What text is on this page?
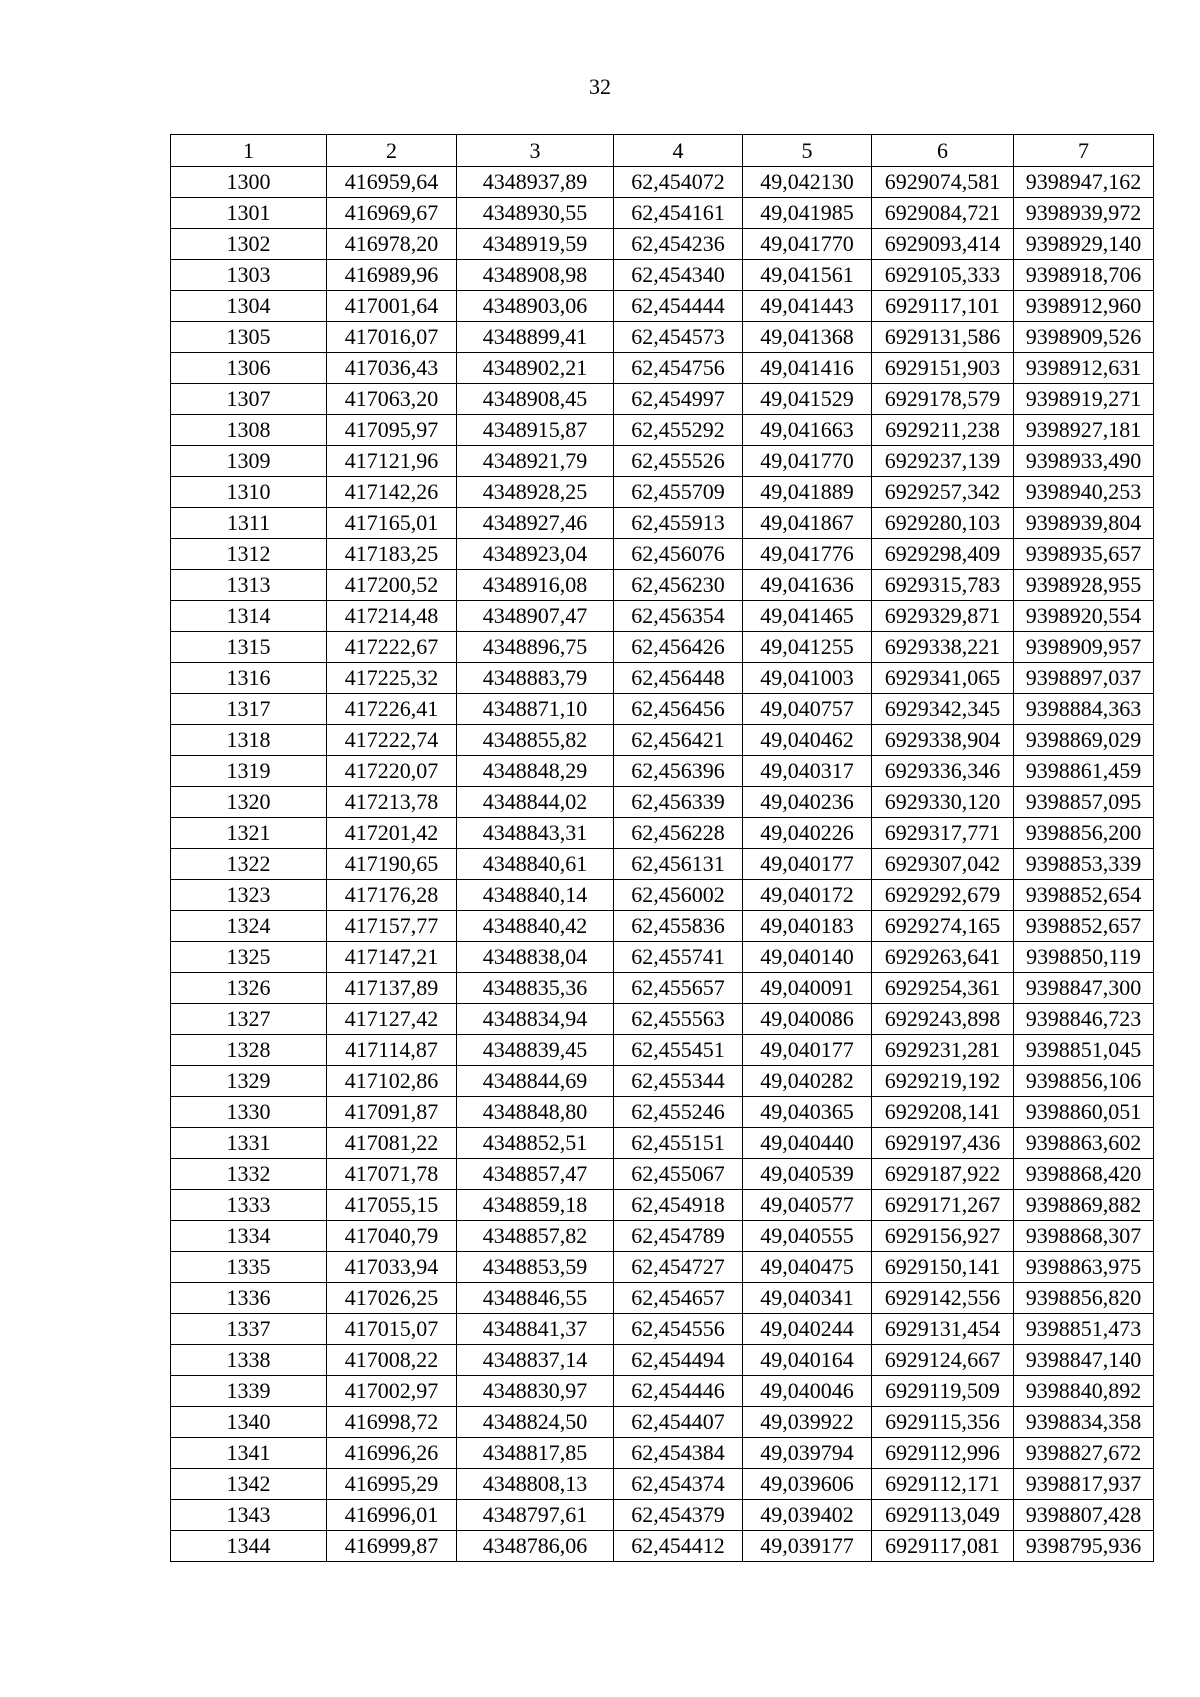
32
1	2	3	4	5	6	7
1300	416959,64	4348937,89	62,454072	49,042130	6929074,581	9398947,162
1301	416969,67	4348930,55	62,454161	49,041985	6929084,721	9398939,972
1302	416978,20	4348919,59	62,454236	49,041770	6929093,414	9398929,140
1303	416989,96	4348908,98	62,454340	49,041561	6929105,333	9398918,706
1304	417001,64	4348903,06	62,454444	49,041443	6929117,101	9398912,960
1305	417016,07	4348899,41	62,454573	49,041368	6929131,586	9398909,526
1306	417036,43	4348902,21	62,454756	49,041416	6929151,903	9398912,631
1307	417063,20	4348908,45	62,454997	49,041529	6929178,579	9398919,271
1308	417095,97	4348915,87	62,455292	49,041663	6929211,238	9398927,181
1309	417121,96	4348921,79	62,455526	49,041770	6929237,139	9398933,490
1310	417142,26	4348928,25	62,455709	49,041889	6929257,342	9398940,253
1311	417165,01	4348927,46	62,455913	49,041867	6929280,103	9398939,804
1312	417183,25	4348923,04	62,456076	49,041776	6929298,409	9398935,657
1313	417200,52	4348916,08	62,456230	49,041636	6929315,783	9398928,955
1314	417214,48	4348907,47	62,456354	49,041465	6929329,871	9398920,554
1315	417222,67	4348896,75	62,456426	49,041255	6929338,221	9398909,957
1316	417225,32	4348883,79	62,456448	49,041003	6929341,065	9398897,037
1317	417226,41	4348871,10	62,456456	49,040757	6929342,345	9398884,363
1318	417222,74	4348855,82	62,456421	49,040462	6929338,904	9398869,029
1319	417220,07	4348848,29	62,456396	49,040317	6929336,346	9398861,459
1320	417213,78	4348844,02	62,456339	49,040236	6929330,120	9398857,095
1321	417201,42	4348843,31	62,456228	49,040226	6929317,771	9398856,200
1322	417190,65	4348840,61	62,456131	49,040177	6929307,042	9398853,339
1323	417176,28	4348840,14	62,456002	49,040172	6929292,679	9398852,654
1324	417157,77	4348840,42	62,455836	49,040183	6929274,165	9398852,657
1325	417147,21	4348838,04	62,455741	49,040140	6929263,641	9398850,119
1326	417137,89	4348835,36	62,455657	49,040091	6929254,361	9398847,300
1327	417127,42	4348834,94	62,455563	49,040086	6929243,898	9398846,723
1328	417114,87	4348839,45	62,455451	49,040177	6929231,281	9398851,045
1329	417102,86	4348844,69	62,455344	49,040282	6929219,192	9398856,106
1330	417091,87	4348848,80	62,455246	49,040365	6929208,141	9398860,051
1331	417081,22	4348852,51	62,455151	49,040440	6929197,436	9398863,602
1332	417071,78	4348857,47	62,455067	49,040539	6929187,922	9398868,420
1333	417055,15	4348859,18	62,454918	49,040577	6929171,267	9398869,882
1334	417040,79	4348857,82	62,454789	49,040555	6929156,927	9398868,307
1335	417033,94	4348853,59	62,454727	49,040475	6929150,141	9398863,975
1336	417026,25	4348846,55	62,454657	49,040341	6929142,556	9398856,820
1337	417015,07	4348841,37	62,454556	49,040244	6929131,454	9398851,473
1338	417008,22	4348837,14	62,454494	49,040164	6929124,667	9398847,140
1339	417002,97	4348830,97	62,454446	49,040046	6929119,509	9398840,892
1340	416998,72	4348824,50	62,454407	49,039922	6929115,356	9398834,358
1341	416996,26	4348817,85	62,454384	49,039794	6929112,996	9398827,672
1342	416995,29	4348808,13	62,454374	49,039606	6929112,171	9398817,937
1343	416996,01	4348797,61	62,454379	49,039402	6929113,049	9398807,428
1344	416999,87	4348786,06	62,454412	49,039177	6929117,081	9398795,936
